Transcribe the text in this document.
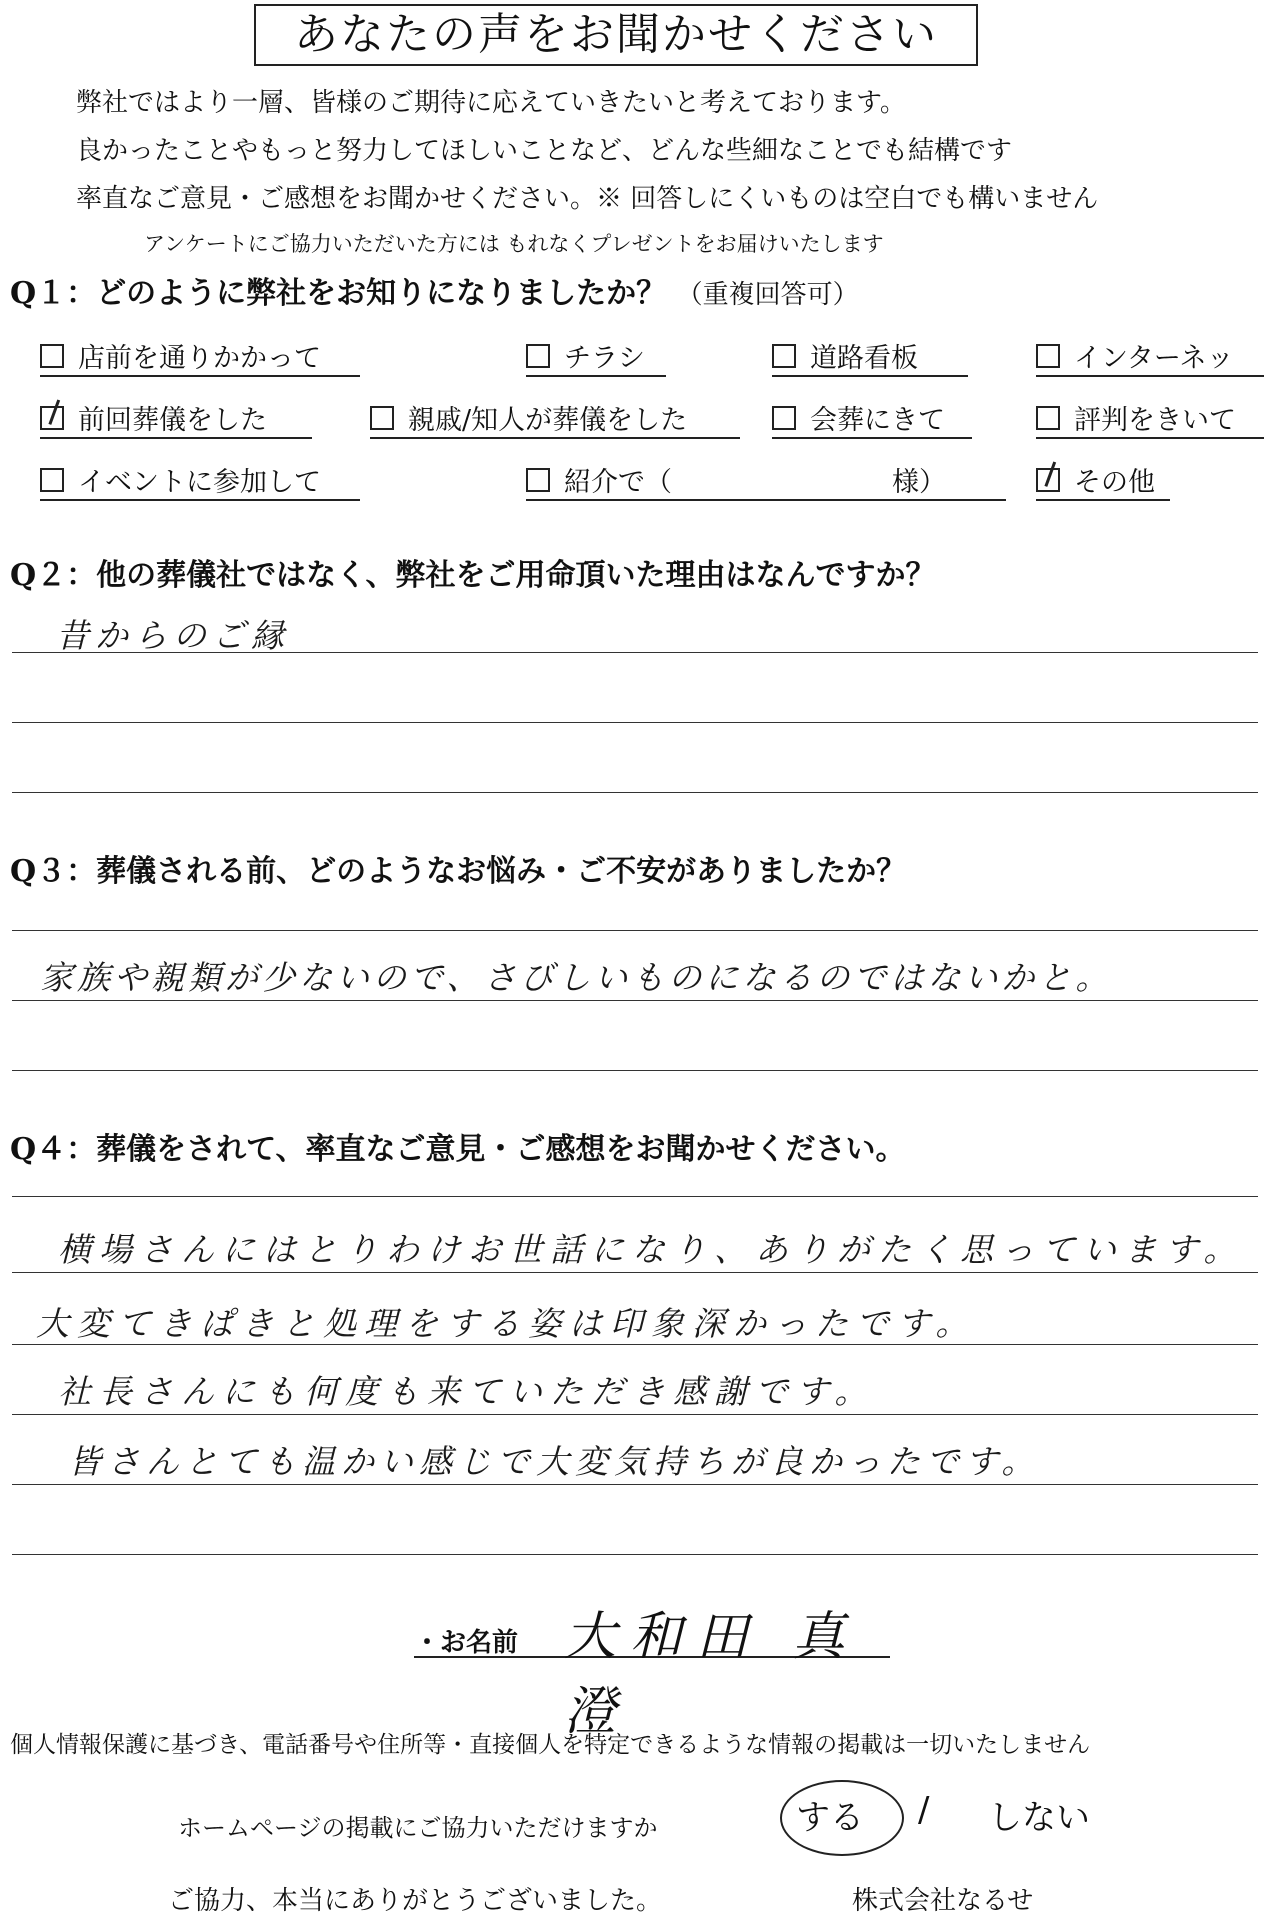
あなたの声をお聞かせください
弊社ではより一層、皆様のご期待に応えていきたいと考えております。
良かったことやもっと努力してほしいことなど、どんな些細なことでも結構です
率直なご意見・ご感想をお聞かせください。※ 回答しにくいものは空白でも構いません
アンケートにご協力いただいた方には もれなくプレゼントをお届けいたします
Q１：どのように弊社をお知りになりましたか？ （重複回答可）
店前を通りかかって	チラシ	道路看板	インターネッ
前回葬儀をした	親戚/知人が葬儀をした	会葬にきて	評判をきいて
イベントに参加して	紹介で（	様）	その他
Q２：他の葬儀社ではなく、弊社をご用命頂いた理由はなんですか？
昔からのご縁
Q３：葬儀される前、どのようなお悩み・ご不安がありましたか？
家族や親類が少ないので、さびしいものになるのではないかと。
Q４：葬儀をされて、率直なご意見・ご感想をお聞かせください。
横場さんにはとりわけお世話になり、ありがたく思っています。
大変てきぱきと処理をする姿は印象深かったです。
社長さんにも何度も来ていただき感謝です。
皆さんとても温かい感じで大変気持ちが良かったです。
・お名前 大和田 真澄
個人情報保護に基づき、電話番号や住所等・直接個人を特定できるような情報の掲載は一切いたしません
ホームページの掲載にご協力いただけますか	する / しない
ご協力、本当にありがとうございました。	株式会社なるせ
